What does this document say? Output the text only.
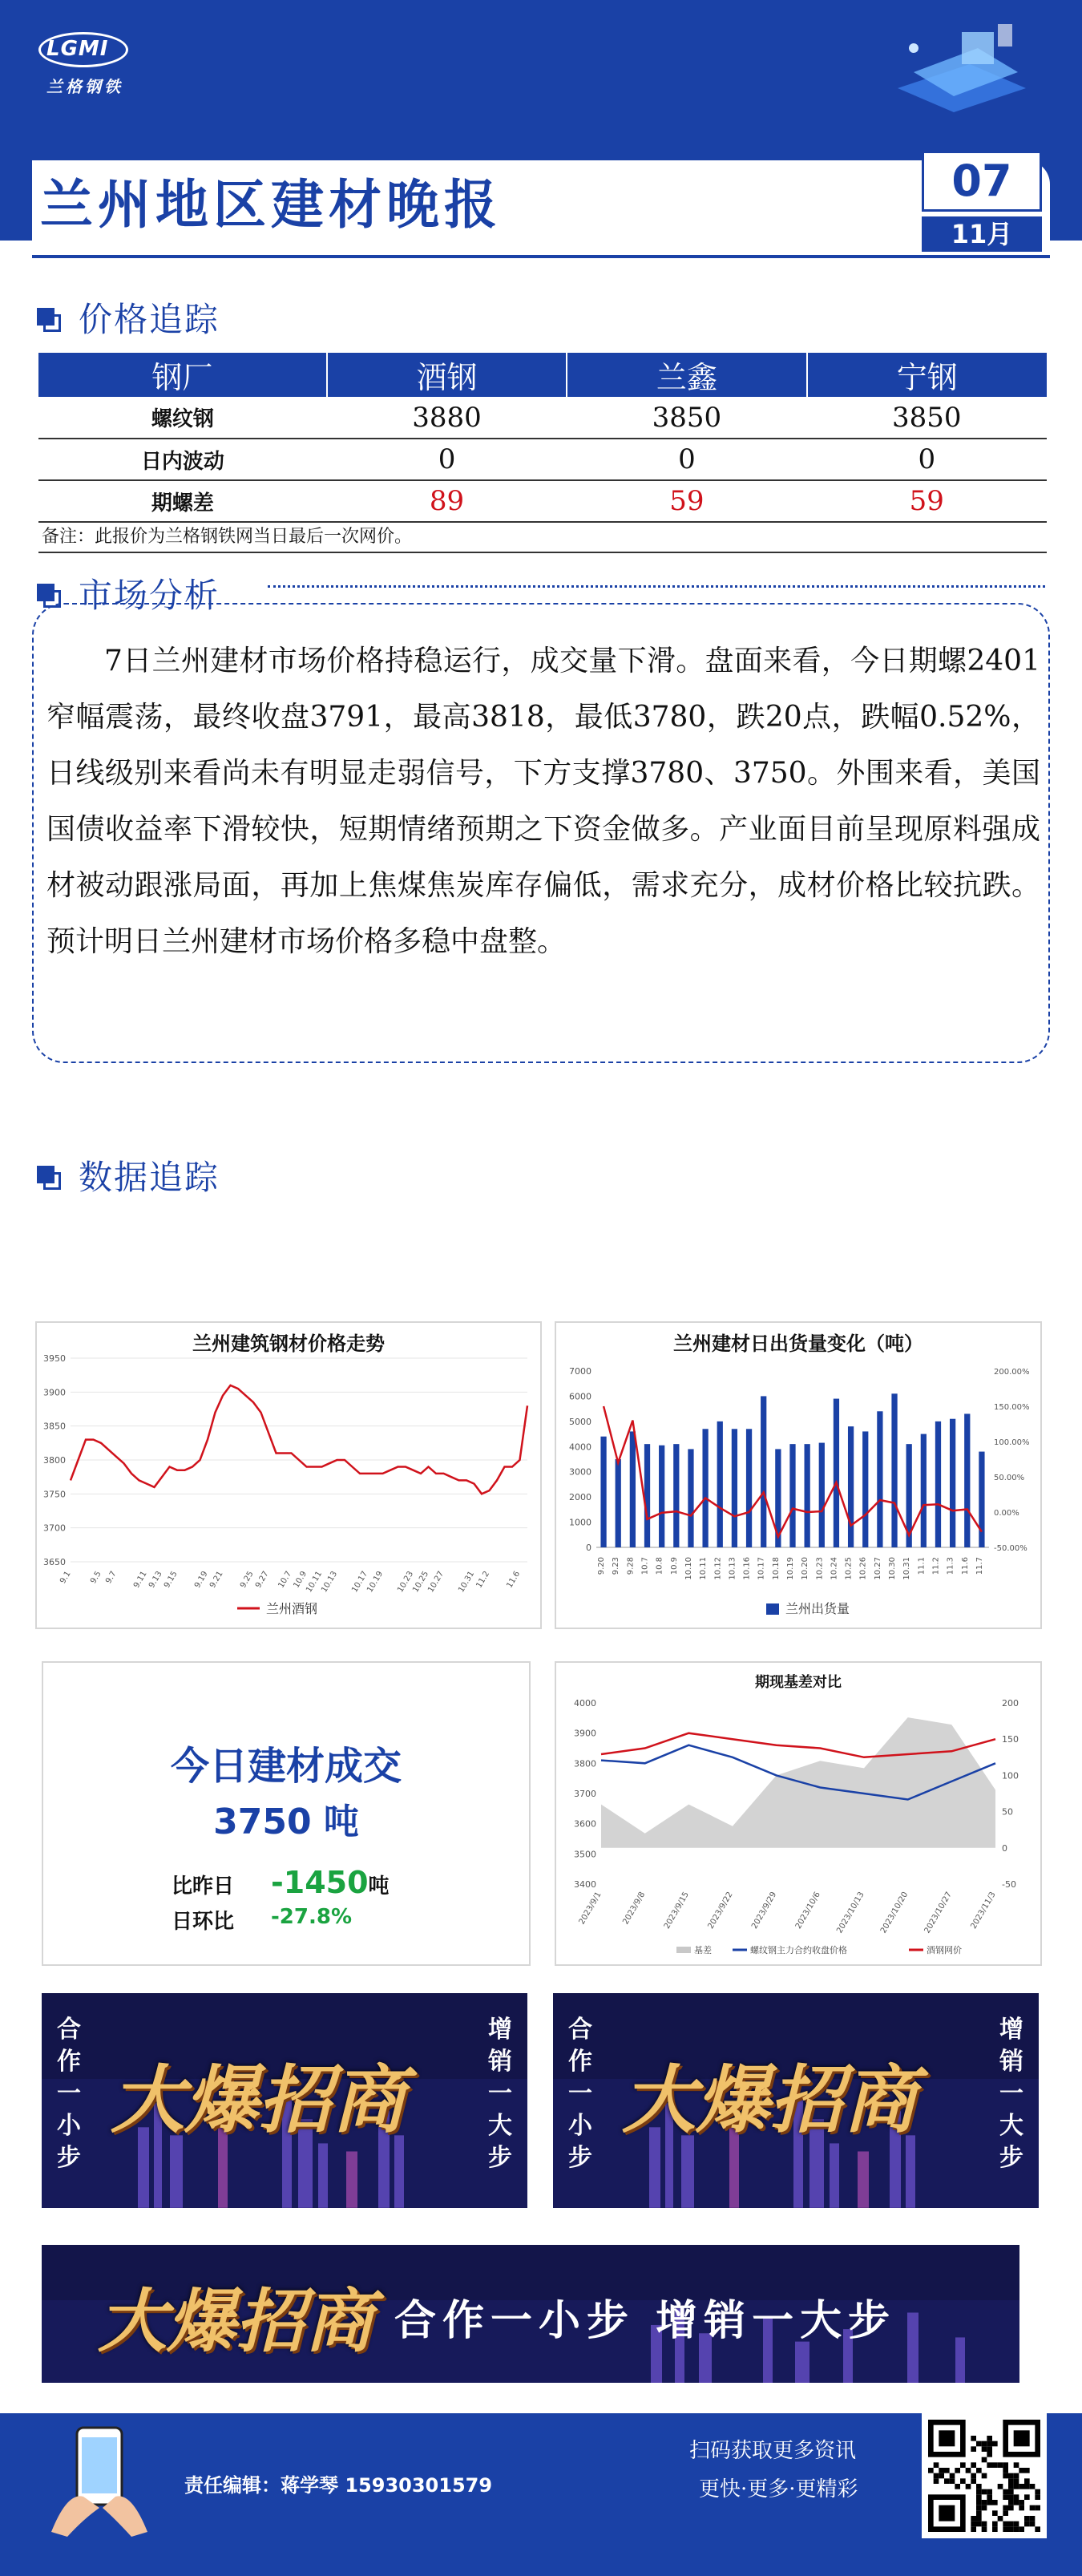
LGMI
兰格钢铁
兰州地区建材晚报	07
11月
价格追踪
钢厂	酒钢	兰鑫	宁钢
螺纹钢	3880	3850	3850
日内波动	0	0	0
期螺差	89	59	59
备注：此报价为兰格钢铁网当日最后一次网价。
市场分析
7日兰州建材市场价格持稳运行，成交量下滑。盘面来看，今日期螺2401窄幅震荡，最终收盘3791，最高3818，最低3780，跌20点，跌幅0.52%，日线级别来看尚未有明显走弱信号，下方支撑3780、3750。外围来看，美国国债收益率下滑较快，短期情绪预期之下资金做多。产业面目前呈现原料强成材被动跟涨局面，再加上焦煤焦炭库存偏低，需求充分，成材价格比较抗跌。预计明日兰州建材市场价格多稳中盘整。
数据追踪
兰州建筑钢材价格走势
3650
3700
3750
3800
3850
3900
3950
9.1 9.5 9.7 9.11
9.13
9.15 9.19
9.21 9.25
9.27 10.7
10.9
10.11
10.13 10.17
10.19 10.23
10.25
10.27 10.31
11.2 11.6
兰州酒钢
兰州建材日出货量变化（吨）
0
1000
2000
3000
4000
5000
6000
7000
-50.00%
0.00%
50.00%
100.00%
150.00%
200.00%
9.20 9.23 9.28 10.7 10.8 10.9 10.10 10.11 10.12 10.13 10.16 10.17 10.18 10.19 10.20 10.23 10.24 10.25 10.26 10.27 10.30 10.31 11.1 11.2 11.3 11.6 11.7
兰州出货量
今日建材成交
3750 吨
比昨日 -1450吨
日环比 -27.8%
期现基差对比
3400
3500
3600
3700
3800
3900
4000
-50
0
50
100
150
200
2023/9/1 2023/9/8 2023/9/15 2023/9/22 2023/9/29 2023/10/6 2023/10/13 2023/10/20 2023/10/27 2023/11/3
基差	螺纹钢主力合约收盘价格	酒钢网价
合
作
一
小
步
增
销
一
大
步
大爆招商
合
作
一
小
步
增
销
一
大
步
大爆招商
大爆招商 合作一小步 增销一大步
责任编辑：蒋学琴 15930301579
扫码获取更多资讯
更快·更多·更精彩
